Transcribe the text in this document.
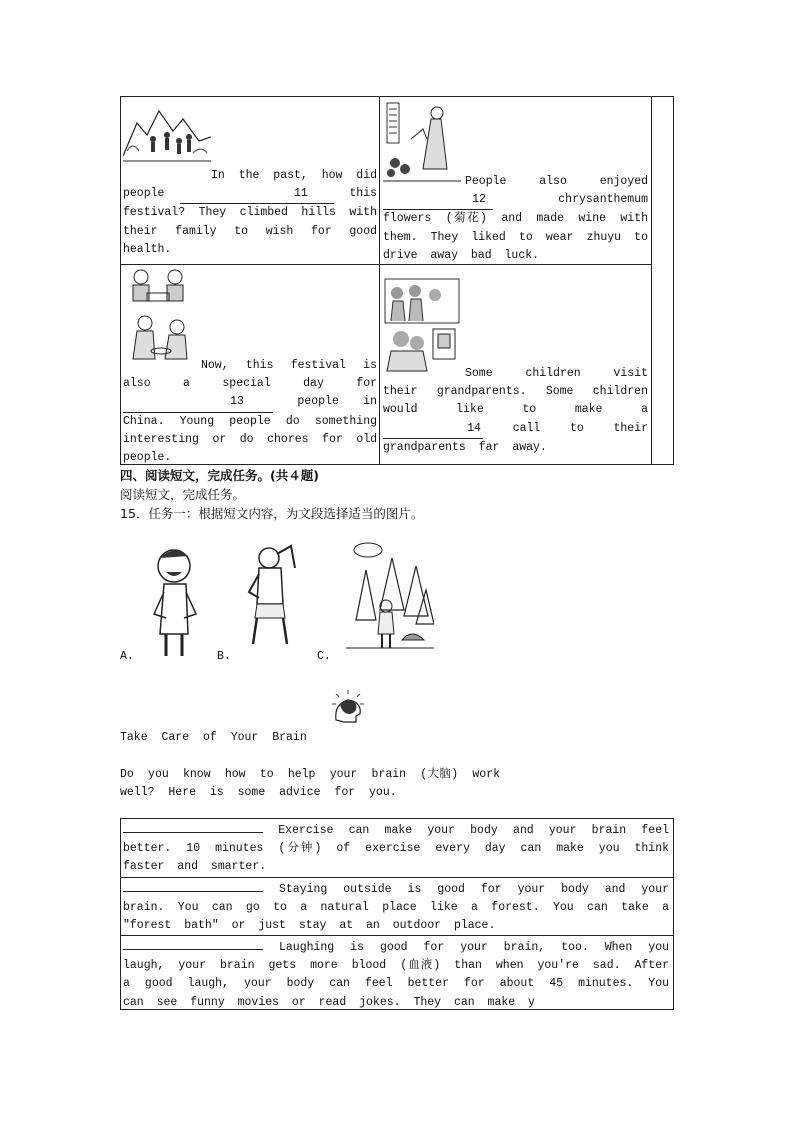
In the past, how did people	11	this festival? They climbed hills with their family to wish for good health.
People also enjoyed 12	chrysanthemum flowers (菊花) and made wine with them. They liked to wear zhuyu to drive away bad luck.
Now, this festival is also a special day for 13	people in China. Young people do something interesting or do chores for old people.
Some children visit their grandparents. Some children would like to make a 14	call to their grandparents far away.
四、阅读短文，完成任务。(共４题)
阅读短文，完成任务。
15．任务一：根据短文内容，为文段选择适当的图片。
A.	B.	C.
Take Care of Your Brain
Do you know how to help your brain (大脑) work well? Here is some advice for you.
Exercise can make your body and your brain feel better. 10 minutes (分钟) of exercise every day can make you think faster and smarter.
Staying outside is good for your body and your brain. You can go to a natural place like a forest. You can take a "forest bath" or just stay at an outdoor place.
Laughing is good for your brain, too. When you laugh, your brain gets more blood (血液) than when you're sad. After a good laugh, your body can feel better for about 45 minutes. You can see funny movies or read jokes. They can make y
